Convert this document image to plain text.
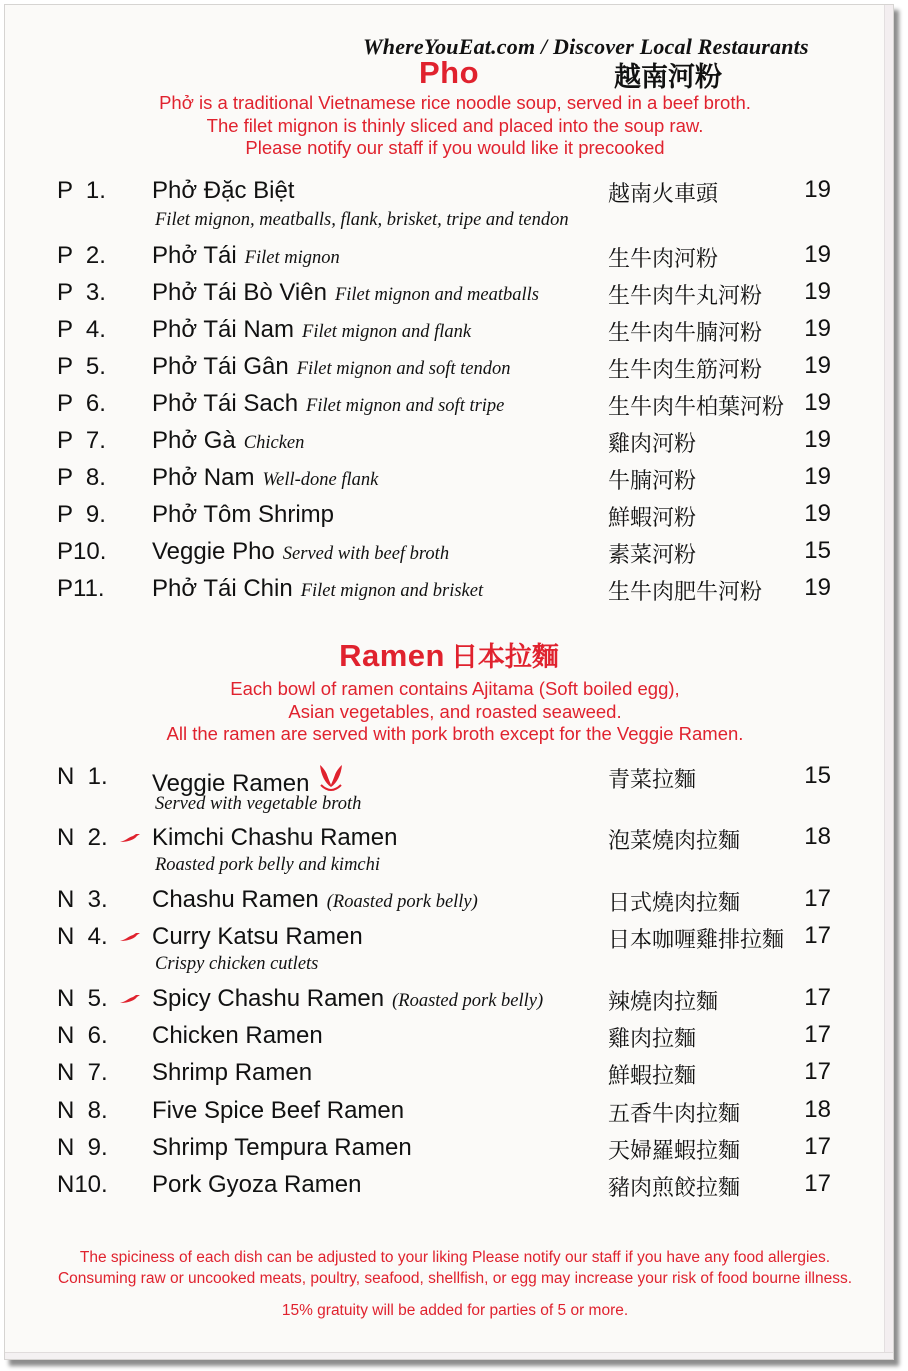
WhereYouEat.com / Discover Local Restaurants
Pho	越南河粉
Phở is a traditional Vietnamese rice noodle soup, served in a beef broth.
The filet mignon is thinly sliced and placed into the soup raw.
Please notify our staff if you would like it precooked
P  1. Phở Đặc Biệt
Filet mignon, meatballs, flank, brisket, tripe and tendon
越南火車頭	19
P  2. Phở Tái Filet mignon	生牛肉河粉	19
P  3. Phở Tái Bò Viên Filet mignon and meatballs	生牛肉牛丸河粉 19
P  4. Phở Tái Nam Filet mignon and flank	生牛肉牛腩河粉 19
P  5. Phở Tái Gân Filet mignon and soft tendon	生牛肉生筋河粉 19
P  6. Phở Tái Sach Filet mignon and soft tripe	生牛肉牛柏葉河粉 19
P  7. Phở Gà Chicken	雞肉河粉	19
P  8. Phở Nam Well-done flank	牛腩河粉	19
P  9. Phở Tôm Shrimp	鮮蝦河粉	19
P10. Veggie Pho Served with beef broth	素菜河粉	15
P11. Phở Tái Chin Filet mignon and brisket	生牛肉肥牛河粉 19
Ramen 日本拉麵
Each bowl of ramen contains Ajitama (Soft boiled egg),
Asian vegetables, and roasted seaweed.
All the ramen are served with pork broth except for the Veggie Ramen.
N  1. Veggie Ramen
Served with vegetable broth
青菜拉麵	15
N  2. Kimchi Chashu Ramen
Roasted pork belly and kimchi
泡菜燒肉拉麵	18
N  3. Chashu Ramen (Roasted pork belly)	日式燒肉拉麵	17
N  4. Curry Katsu Ramen
Crispy chicken cutlets
日本咖喱雞排拉麵 17
N  5. Spicy Chashu Ramen (Roasted pork belly)	辣燒肉拉麵	17
N  6. Chicken Ramen	雞肉拉麵	17
N  7. Shrimp Ramen	鮮蝦拉麵	17
N  8. Five Spice Beef Ramen	五香牛肉拉麵	18
N  9. Shrimp Tempura Ramen	天婦羅蝦拉麵	17
N10. Pork Gyoza Ramen	豬肉煎餃拉麵	17
The spiciness of each dish can be adjusted to your liking Please notify our staff if you have any food allergies.
Consuming raw or uncooked meats, poultry, seafood, shellfish, or egg may increase your risk of food bourne illness.
15% gratuity will be added for parties of 5 or more.
